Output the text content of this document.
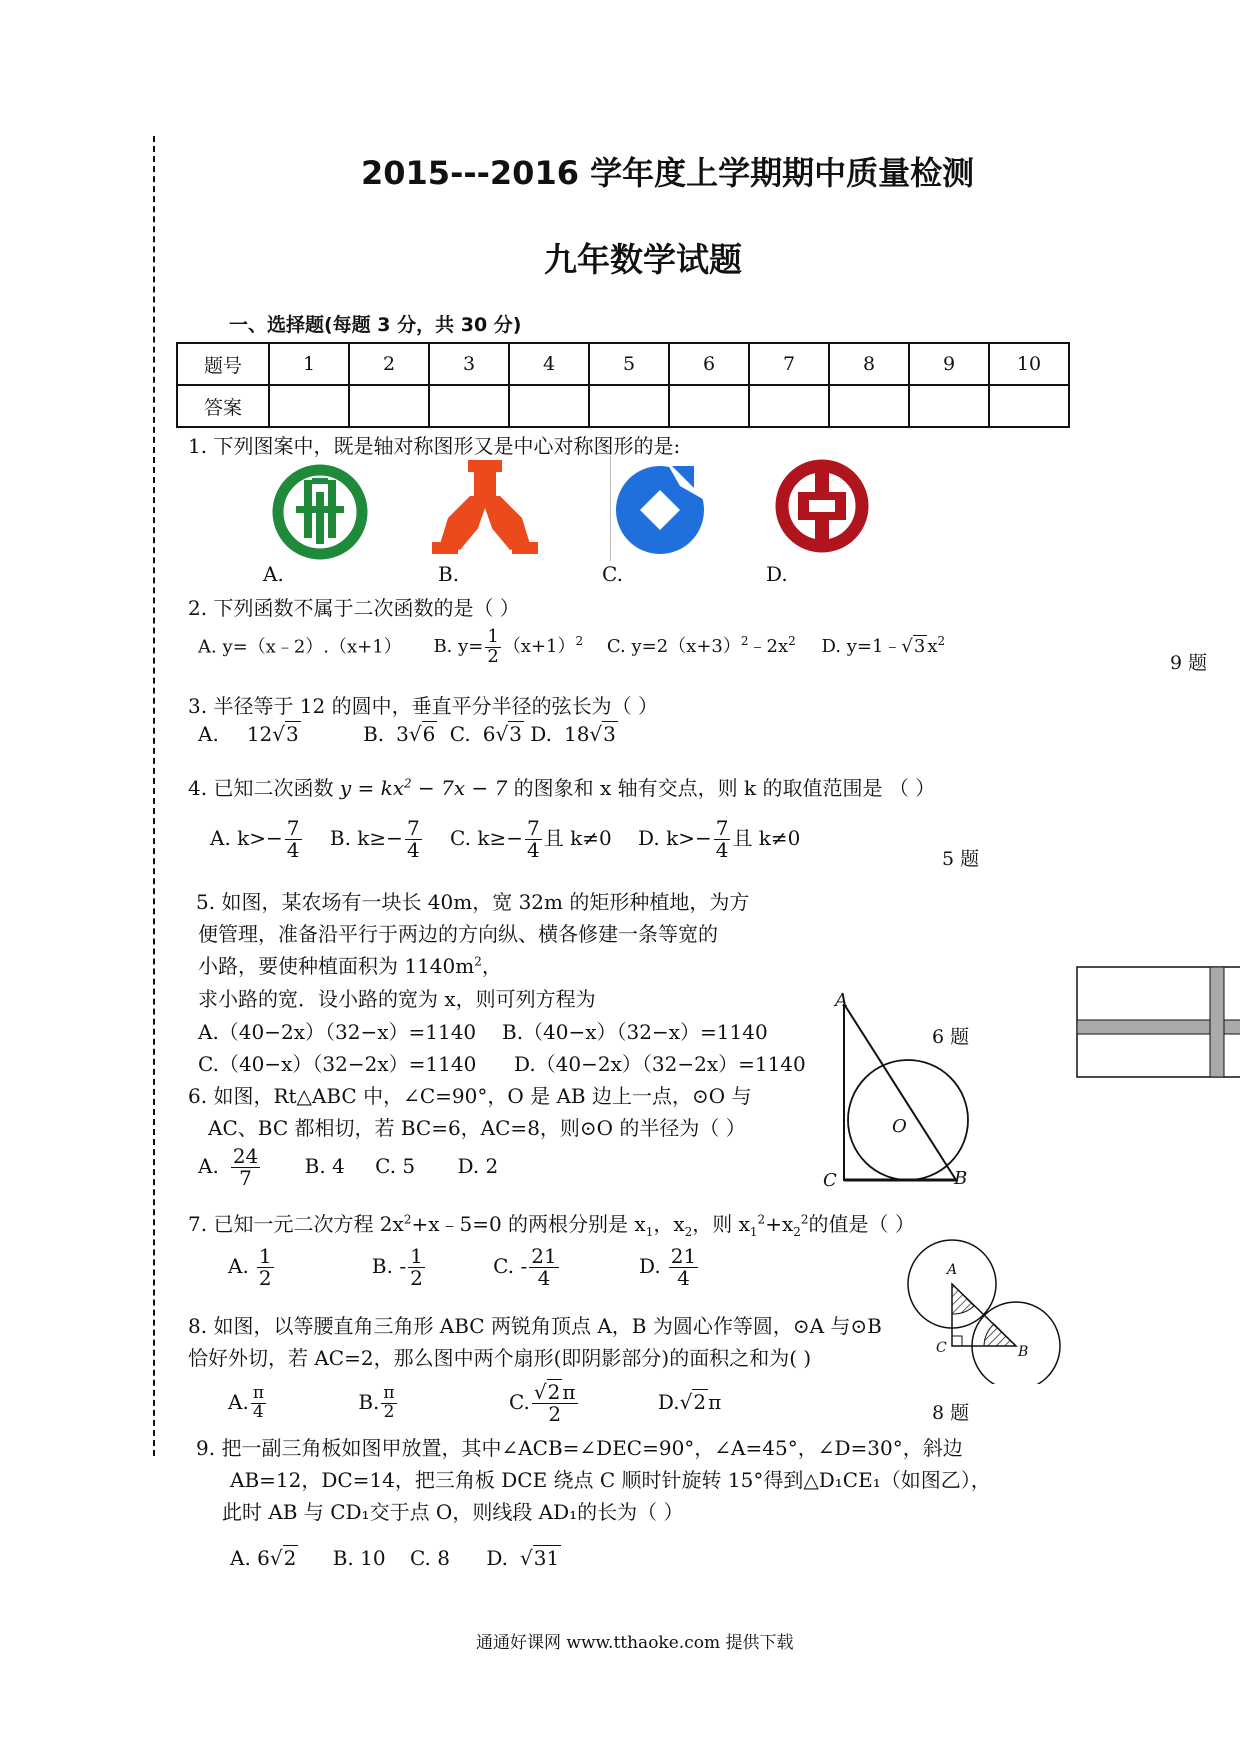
2015---2016 学年度上学期期中质量检测
九年数学试题
一、选择题(每题 3 分，共 30 分)
题号	1	2	3	4	5	6	7	8	9	10
答案										
1. 下列图案中，既是轴对称图形又是中心对称图形的是:
A.	B.	C.	D.
2. 下列函数不属于二次函数的是（ ）
A. y=（x﹣2）.（x+1） B. $y= \frac{1}{2} (x+1)^2$ C. $y=2(x+3)^2﹣2x^2$ D. y=1﹣√3 $x^2$
9 题
3. 半径等于 12 的圆中，垂直平分半径的弦长为（ ）
A. 12√3	B. 3√6 C. 6√3 D. 18√3
4. 已知二次函数 $y = kx^2 - 7x - 7$ 的图象和 x 轴有交点，则 k 的取值范围是 （ ）
A. $k>- \frac{7}{4} B$. $k\ge- \frac{7}{4} C$. $k\ge- \frac{7}{4}$ 且 k≠0 D. $k>- \frac{7}{4}$ 且 k≠0
5 题
5. 如图，某农场有一块长 40m，宽 32m 的矩形种植地，为方
便管理，准备沿平行于两边的方向纵、横各修建一条等宽的
小路，要使种植面积为 $1140m^2$，
求小路的宽．设小路的宽为 x，则可列方程为
A.（40−2x）（32−x）=1140 B.（40−x）（32−x）=1140
C.（40−x）（32−2x）=1140 D.（40−2x）（32−2x）=1140
6. 如图，Rt△ABC 中，∠C=90°，O 是 AB 边上一点，⊙O 与
AC、BC 都相切，若 BC=6，AC=8，则⊙O 的半径为（ ）
A. $\frac{24}{7} B$. 4 C. 5 D. 2
A
O
C	B
6 题
7. 已知一元二次方程 $2x^2+x﹣5=0$ 的两根分别是 $x_1$，$x_2$，则 $x_1^2+x_2^2$的值是（ ）
A. $\frac{1}{2}$	B. - $\frac{1}{2}$	C. - $\frac{21}{4}$	D. $\frac{21}{4}$	A
C	B
8 题
8. 如图，以等腰直角三角形 ABC 两锐角顶点 A，B 为圆心作等圆，⊙A 与⊙B
恰好外切，若 AC=2，那么图中两个扇形(即阴影部分)的面积之和为( )
A. $\frac{\pi}{4}$	B. $\frac{\pi}{2}$	C. $\frac{√2 \pi}{2}$	D.√2 π
9. 把一副三角板如图甲放置，其中∠ACB=∠DEC=90°，∠A=45°，∠D=30°，斜边
AB=12，DC=14，把三角板 DCE 绕点 C 顺时针旋转 15°得到△D₁CE₁（如图乙），
此时 AB 与 CD₁交于点 O，则线段 AD₁的长为（ ）
A. 6√2 B. 10 C. 8 D. √31
通通好课网 www.tthaoke.com 提供下载
